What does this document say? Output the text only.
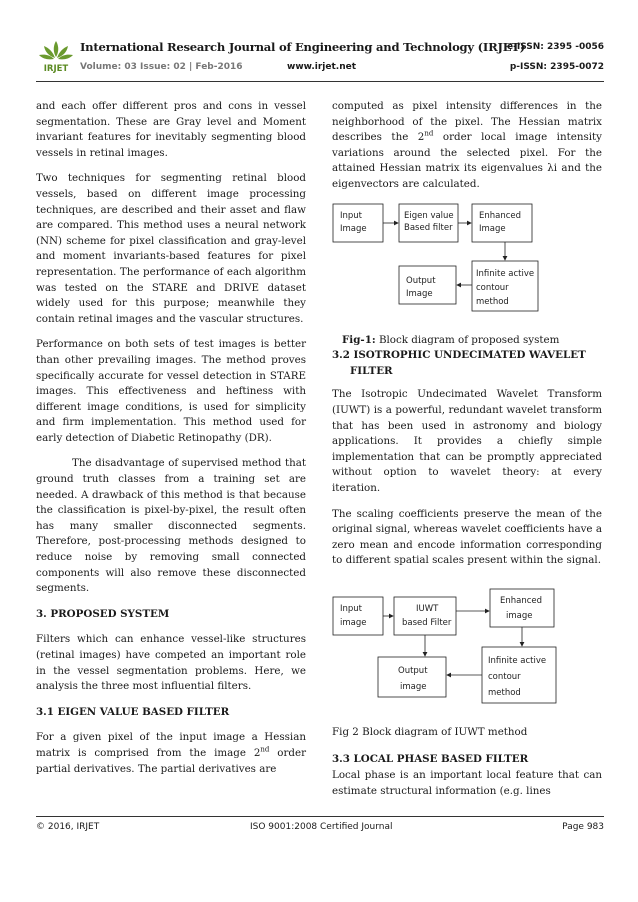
IRJET
International Research Journal of Engineering and Technology (IRJET)
e-ISSN: 2395 -0056
Volume: 03 Issue: 02 | Feb-2016	www.irjet.net	p-ISSN: 2395-0072

and each offer different pros and cons in vessel segmentation. These are Gray level and Moment invariant features for inevitably segmenting blood vessels in retinal images.

Two techniques for segmenting retinal blood vessels, based on different image processing techniques, are described and their asset and flaw are compared. This method uses a neural network (NN) scheme for pixel classification and gray-level and moment invariants-based features for pixel representation. The performance of each algorithm was tested on the STARE and DRIVE dataset widely used for this purpose; meanwhile they contain retinal images and the vascular structures.

Performance on both sets of test images is better than other prevailing images. The method proves specifically accurate for vessel detection in STARE images. This effectiveness and heftiness with different image conditions, is used for simplicity and firm implementation. This method used for early detection of Diabetic Retinopathy (DR).

The disadvantage of supervised method that ground truth classes from a training set are needed. A drawback of this method is that because the classification is pixel-by-pixel, the result often has many smaller disconnected segments. Therefore, post-processing methods designed to reduce noise by removing small connected components will also remove these disconnected segments.

3. PROPOSED SYSTEM

Filters which can enhance vessel-like structures (retinal images) have competed an important role in the vessel segmentation problems. Here, we analysis the three most influential filters.

3.1 EIGEN VALUE BASED FILTER

For a given pixel of the input image a Hessian matrix is comprised from the image 2nd order partial derivatives. The partial derivatives are

computed as pixel intensity differences in the neighborhood of the pixel. The Hessian matrix describes the 2nd order local image intensity variations around the selected pixel. For the attained Hessian matrix its eigenvalues λi and the eigenvectors are calculated.

Input
Image
Eigen value
Based filter
Enhanced
Image
Infinite active
contour
method
Output
Image

Fig-1: Block diagram of proposed system

3.2 ISOTROPHIC UNDECIMATED WAVELET
FILTER

The Isotropic Undecimated Wavelet Transform (IUWT) is a powerful, redundant wavelet transform that has been used in astronomy and biology applications. It provides a chiefly simple implementation that can be promptly appreciated without option to wavelet theory: at every iteration.

The scaling coefficients preserve the mean of the original signal, whereas wavelet coefficients have a zero mean and encode information corresponding to different spatial scales present within the signal.

Input
image
IUWT
based Filter
Enhanced
image
Infinite active
contour
method
Output
image

Fig 2 Block diagram of IUWT method

3.3 LOCAL PHASE BASED FILTER

Local phase is an important local feature that can estimate structural information (e.g. lines

© 2016, IRJET	ISO 9001:2008 Certified Journal	Page 983
